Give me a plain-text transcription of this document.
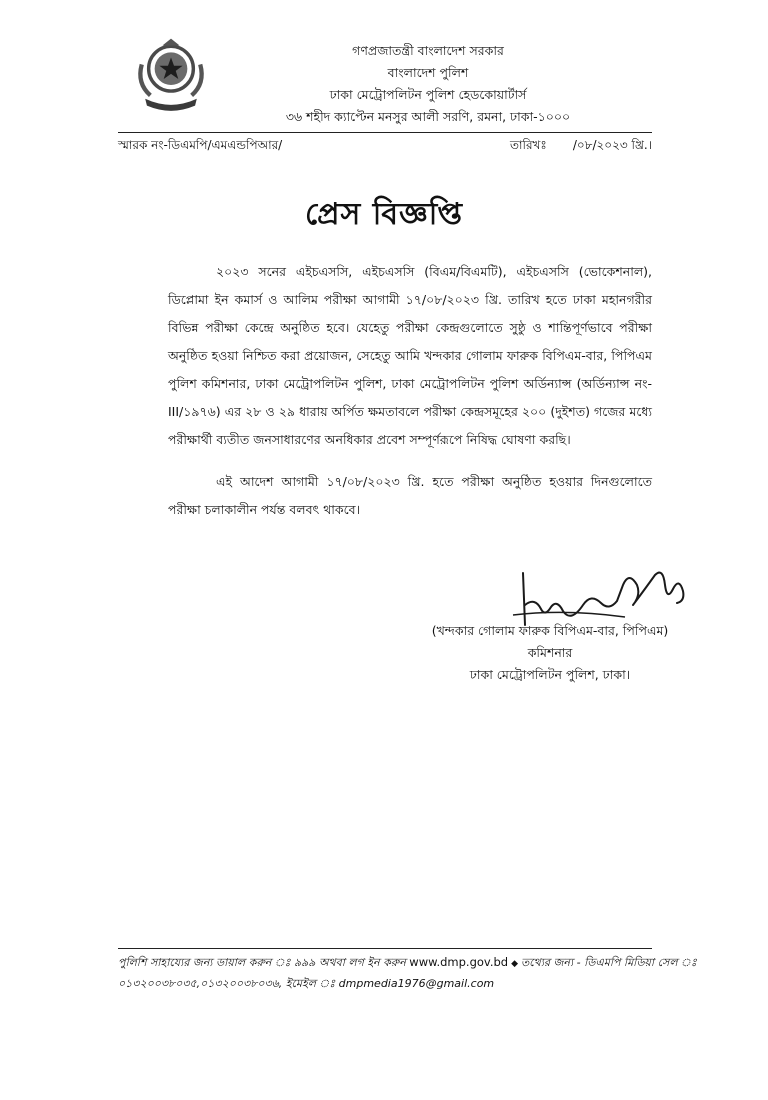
গণপ্রজাতন্ত্রী বাংলাদেশ সরকার
বাংলাদেশ পুলিশ
ঢাকা মেট্রোপলিটন পুলিশ হেডকোয়ার্টার্স
৩৬ শহীদ ক্যাপ্টেন মনসুর আলী সরণি, রমনা, ঢাকা-১০০০
স্মারক নং-ডিএমপি/এমএন্ডপিআর/	তারিখঃ /০৮/২০২৩ খ্রি.।
প্রেস বিজ্ঞপ্তি

২০২৩ সনের এইচএসসি, এইচএসসি (বিএম/বিএমটি), এইচএসসি (ভোকেশনাল), ডিপ্লোমা ইন কমার্স ও আলিম পরীক্ষা আগামী ১৭/০৮/২০২৩ খ্রি. তারিখ হতে ঢাকা মহানগরীর বিভিন্ন পরীক্ষা কেন্দ্রে অনুষ্ঠিত হবে। যেহেতু পরীক্ষা কেন্দ্রগুলোতে সুষ্ঠু ও শান্তিপূর্ণভাবে পরীক্ষা অনুষ্ঠিত হওয়া নিশ্চিত করা প্রয়োজন, সেহেতু আমি খন্দকার গোলাম ফারুক বিপিএম-বার, পিপিএম পুলিশ কমিশনার, ঢাকা মেট্রোপলিটন পুলিশ, ঢাকা মেট্রোপলিটন পুলিশ অর্ডিন্যান্স (অর্ডিন্যান্স নং-III/১৯৭৬) এর ২৮ ও ২৯ ধারায় অর্পিত ক্ষমতাবলে পরীক্ষা কেন্দ্রসমূহের ২০০ (দুইশত) গজের মধ্যে পরীক্ষার্থী ব্যতীত জনসাধারণের অনধিকার প্রবেশ সম্পূর্ণরূপে নিষিদ্ধ ঘোষণা করছি।

এই আদেশ আগামী ১৭/০৮/২০২৩ খ্রি. হতে পরীক্ষা অনুষ্ঠিত হওয়ার দিনগুলোতে পরীক্ষা চলাকালীন পর্যন্ত বলবৎ থাকবে।

(খন্দকার গোলাম ফারুক বিপিএম-বার, পিপিএম)
কমিশনার
ঢাকা মেট্রোপলিটন পুলিশ, ঢাকা।
পুলিশি সাহায্যের জন্য ডায়াল করুন ঃ ৯৯৯ অথবা লগ ইন করুন www.dmp.gov.bd ◆ তথ্যের জন্য - ডিএমপি মিডিয়া সেল ঃ
০১৩২০০৩৮০৩৫,০১৩২০০৩৮০৩৬, ইমেইল ঃ dmpmedia1976@gmail.com
